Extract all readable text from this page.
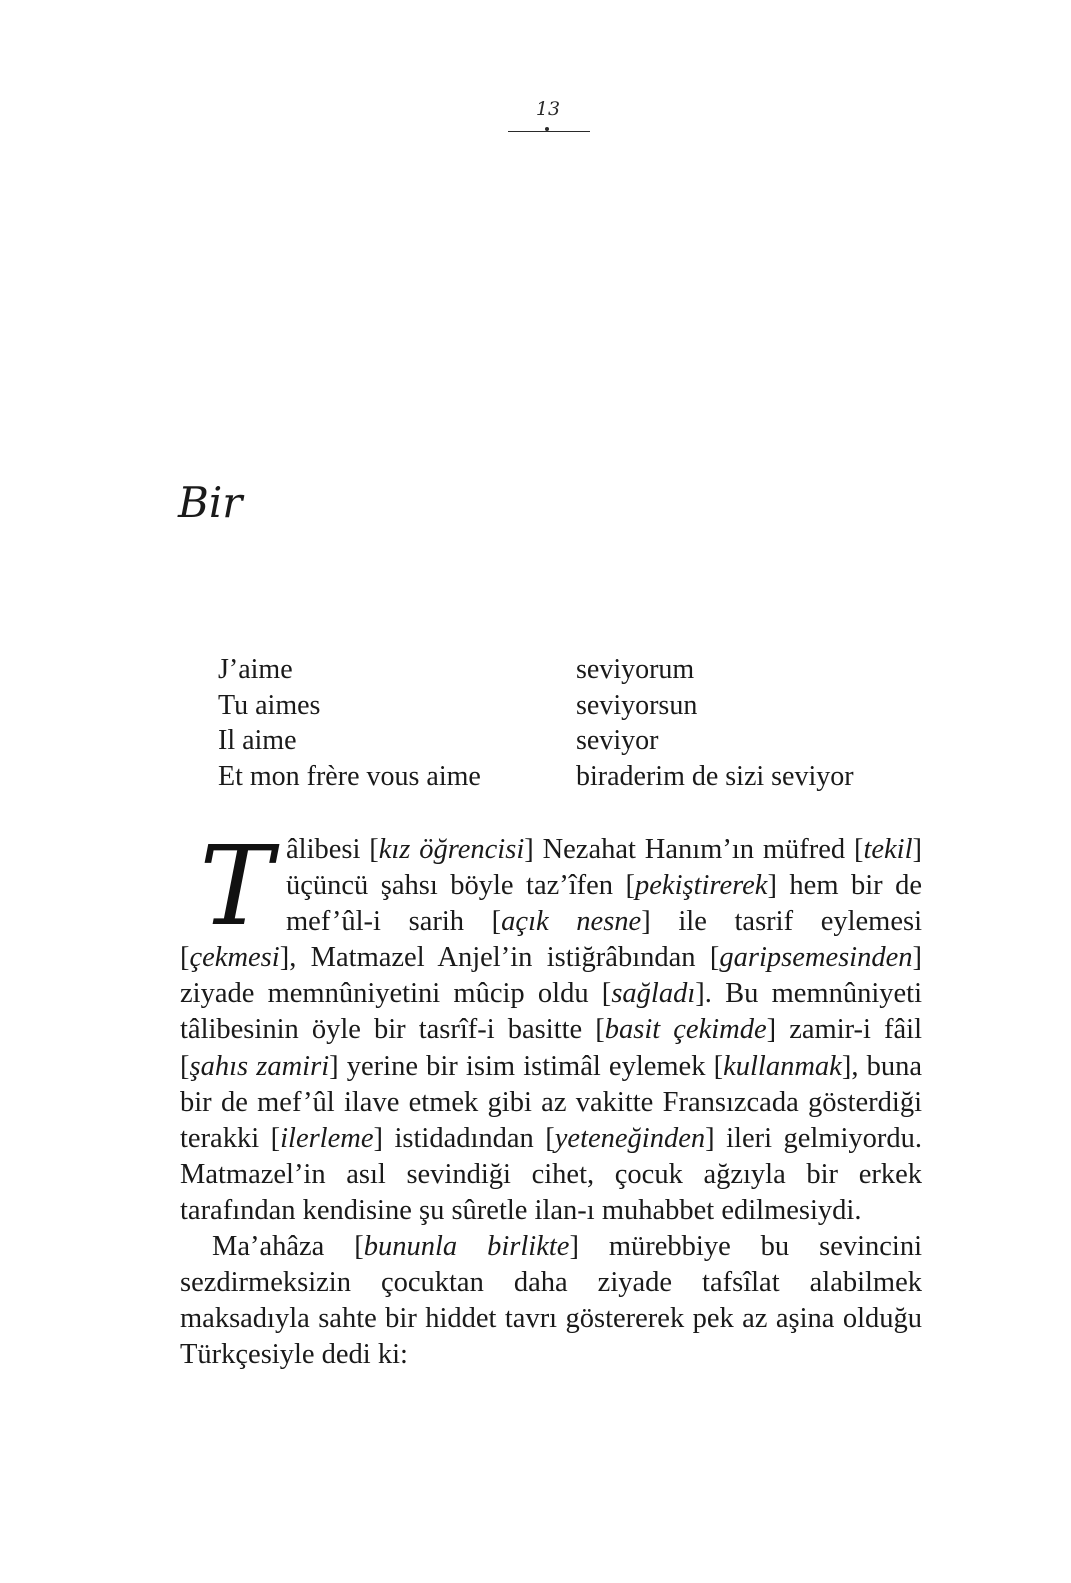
13
Bir
J’aime	seviyorum
Tu aimes	seviyorsun
Il aime	seviyor
Et mon frère vous aime	biraderim de sizi seviyor

T âlibesi [kız öğrencisi] Nezahat Hanım’ın müfred [tekil] üçüncü şahsı böyle taz’îfen [pekiştirerek] hem bir de mef’ûl-i sarih [açık nesne] ile tasrif eylemesi [çekmesi], Matmazel Anjel’in istiğrâbından [garipsemesinden] ziyade memnûniyetini mûcip oldu [sağladı]. Bu memnûniyeti tâlibesinin öyle bir tasrîf-i basitte [basit çekimde] zamir-i fâil [şahıs zamiri] yerine bir isim istimâl eylemek [kullanmak], buna bir de mef’ûl ilave etmek gibi az vakitte Fransızcada gösterdiği terakki [ilerleme] istidadından [yeteneğinden] ileri gelmiyordu. Matmazel’in asıl sevindiği cihet, çocuk ağzıyla bir erkek tarafından kendisine şu sûretle ilan-ı muhabbet edilmesiydi.

Ma’ahâza [bununla birlikte] mürebbiye bu sevincini sezdirmeksizin çocuktan daha ziyade tafsîlat alabilmek maksadıyla sahte bir hiddet tavrı göstererek pek az aşina olduğu Türkçesiyle dedi ki:
